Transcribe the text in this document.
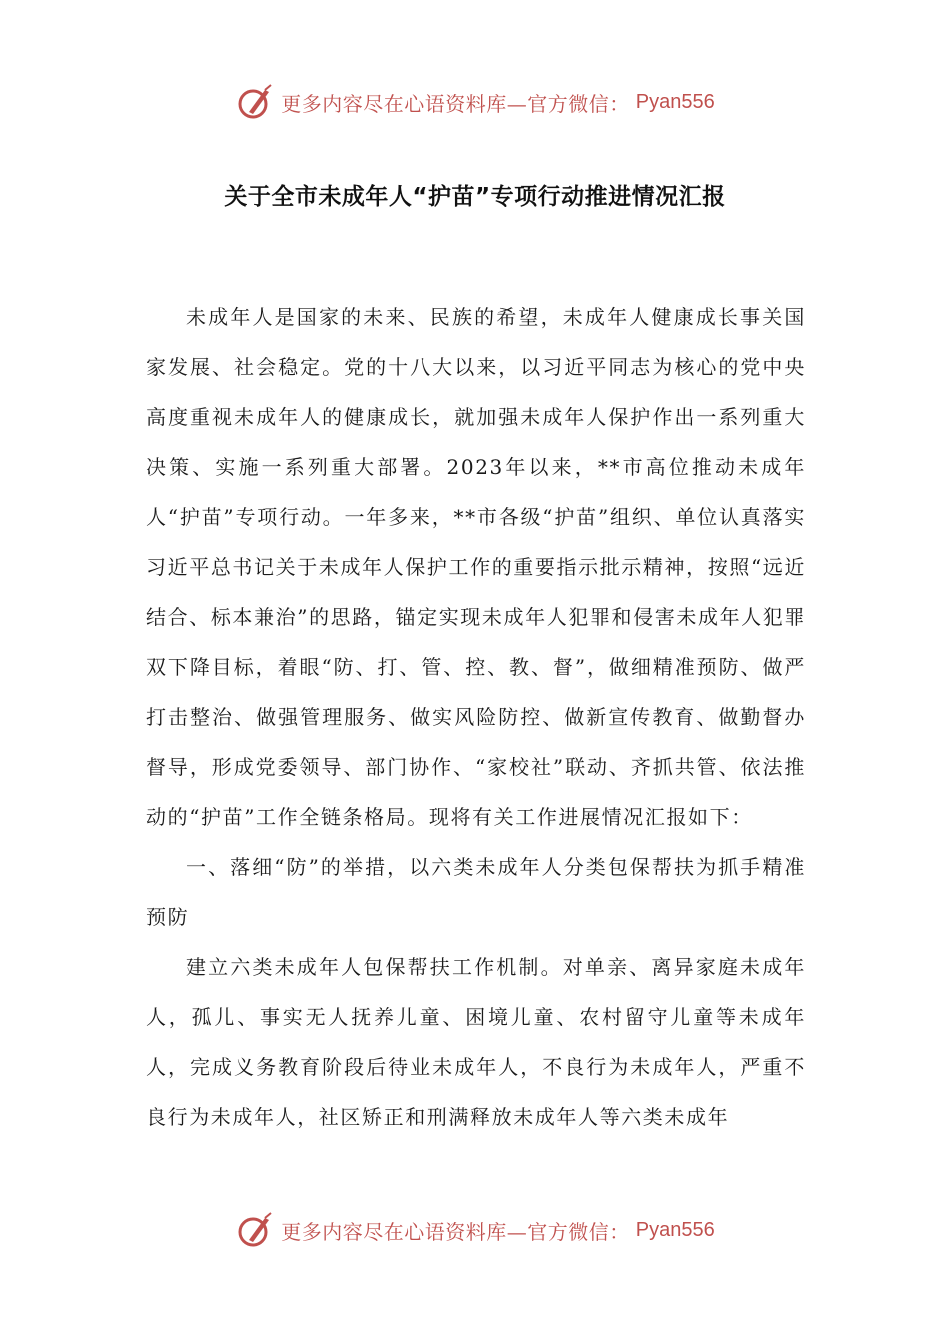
更多内容尽在心语资料库—官方微信： Pyan556
关于全市未成年人“护苗”专项行动推进情况汇报

未成年人是国家的未来、民族的希望，未成年人健康成长事关国家发展、社会稳定。党的十八大以来，以习近平同志为核心的党中央高度重视未成年人的健康成长，就加强未成年人保护作出一系列重大决策、实施一系列重大部署。2023年以来，**市高位推动未成年人“护苗”专项行动。一年多来，**市各级“护苗”组织、单位认真落实习近平总书记关于未成年人保护工作的重要指示批示精神，按照“远近结合、标本兼治”的思路，锚定实现未成年人犯罪和侵害未成年人犯罪双下降目标，着眼“防、打、管、控、教、督”，做细精准预防、做严打击整治、做强管理服务、做实风险防控、做新宣传教育、做勤督办督导，形成党委领导、部门协作、“家校社”联动、齐抓共管、依法推动的“护苗”工作全链条格局。现将有关工作进展情况汇报如下：

一、落细“防”的举措，以六类未成年人分类包保帮扶为抓手精准预防

建立六类未成年人包保帮扶工作机制。对单亲、离异家庭未成年人，孤儿、事实无人抚养儿童、困境儿童、农村留守儿童等未成年人，完成义务教育阶段后待业未成年人，不良行为未成年人，严重不良行为未成年人，社区矫正和刑满释放未成年人等六类未成年

更多内容尽在心语资料库—官方微信： Pyan556
